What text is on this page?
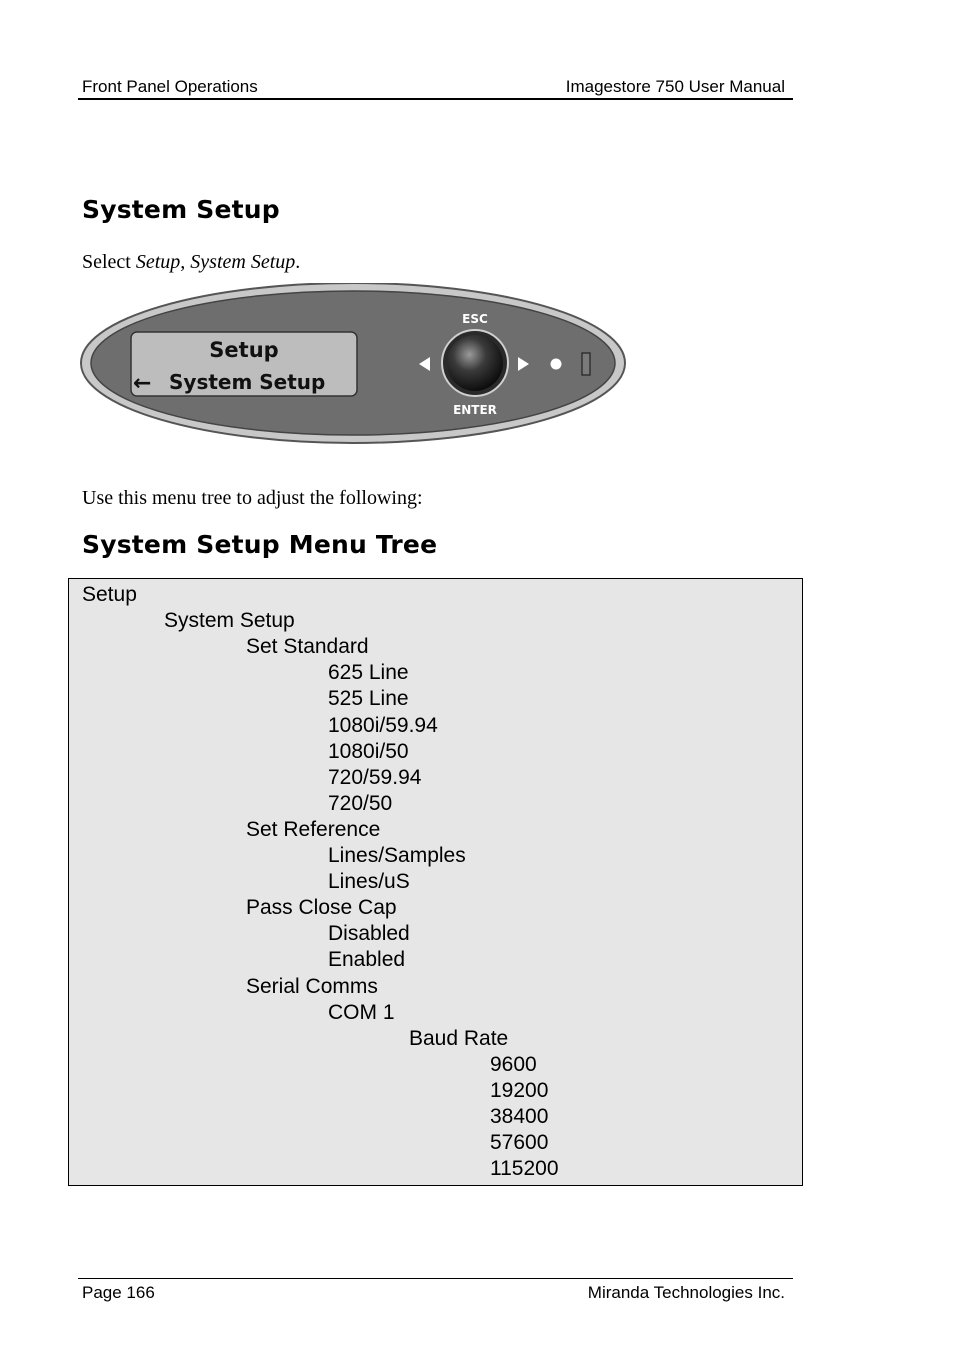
Front Panel Operations	Imagestore 750 User Manual
System Setup
Select Setup, System Setup.
Setup
← System Setup
ESC
ENTER
Use this menu tree to adjust the following:
System Setup Menu Tree
Setup
System Setup
Set Standard
625 Line
525 Line
1080i/59.94
1080i/50
720/59.94
720/50
Set Reference
Lines/Samples
Lines/uS
Pass Close Cap
Disabled
Enabled
Serial Comms
COM 1
Baud Rate
9600
19200
38400
57600
115200
Page 166	Miranda Technologies Inc.
